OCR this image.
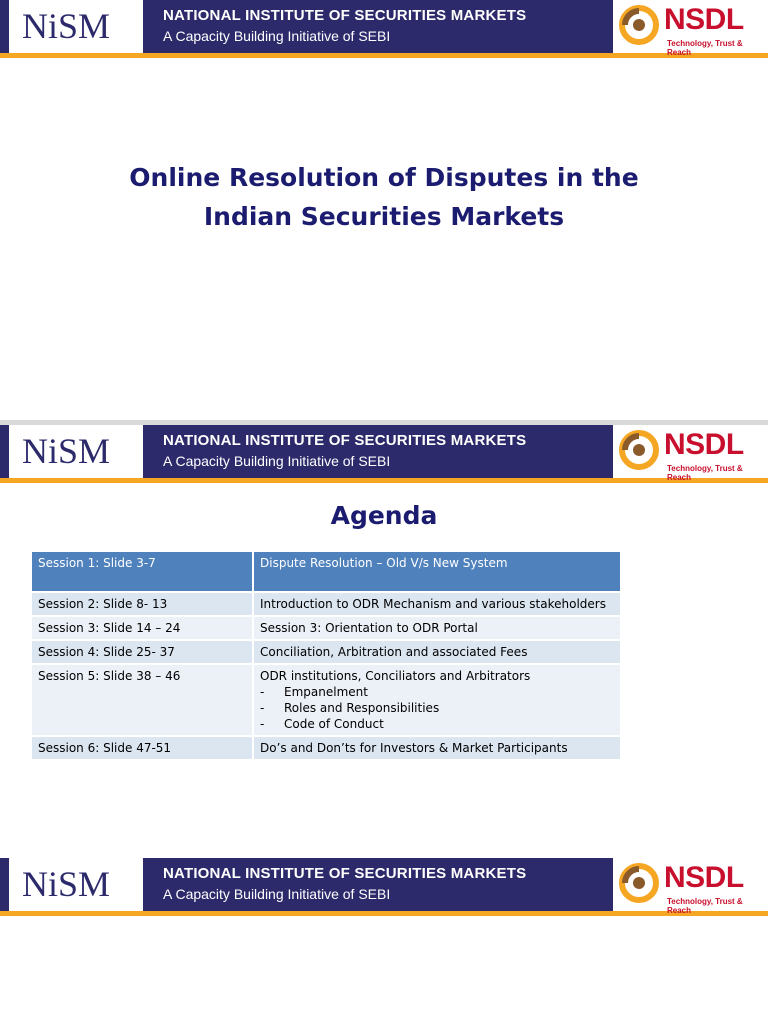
NiSM	NATIONAL INSTITUTE OF SECURITIES MARKETS
A Capacity Building Initiative of SEBI	NSDL
Technology, Trust & Reach
Online Resolution of Disputes in the
Indian Securities Markets
NiSM	NATIONAL INSTITUTE OF SECURITIES MARKETS
A Capacity Building Initiative of SEBI	NSDL
Technology, Trust & Reach
Agenda
Session 1: Slide 3-7	Dispute Resolution – Old V/s New System
Session 2: Slide 8- 13	Introduction to ODR Mechanism and various stakeholders
Session 3: Slide 14 – 24	Session 3: Orientation to ODR Portal
Session 4: Slide 25- 37	Conciliation, Arbitration and associated Fees
Session 5: Slide 38 – 46	ODR institutions, Conciliators and Arbitrators
- Empanelment
- Roles and Responsibilities
- Code of Conduct

Session 6: Slide 47-51	Do’s and Don’ts for Investors & Market Participants
NiSM	NATIONAL INSTITUTE OF SECURITIES MARKETS
A Capacity Building Initiative of SEBI	NSDL
Technology, Trust & Reach
